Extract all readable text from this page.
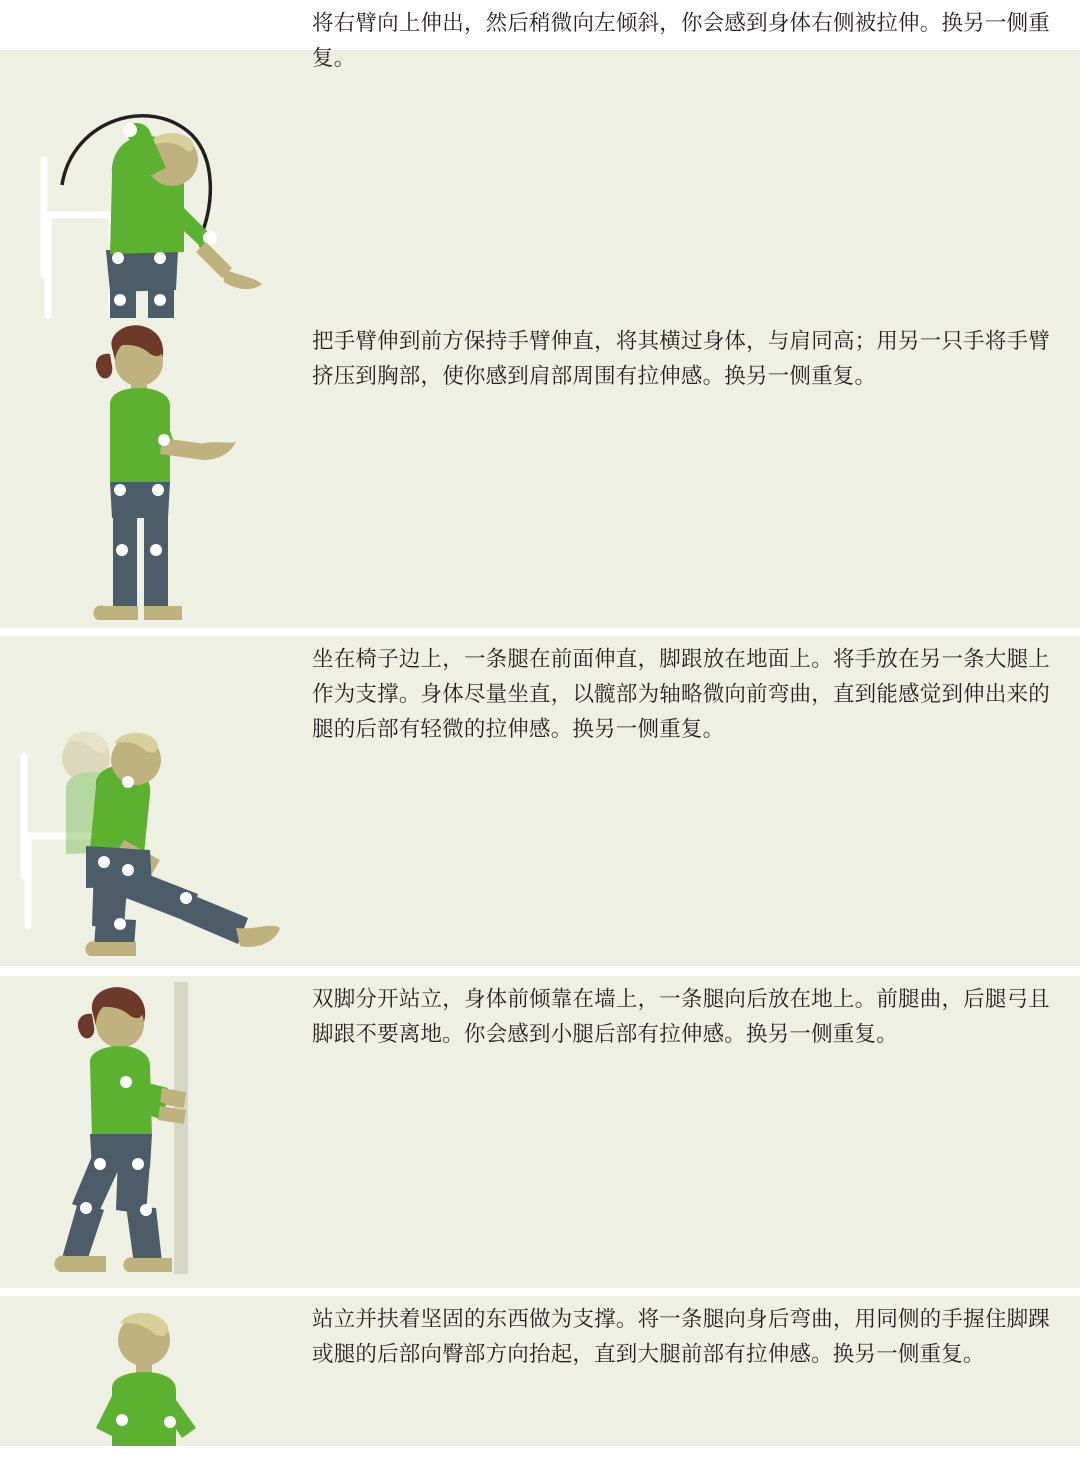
将右臂向上伸出，然后稍微向左倾斜，你会感到身体右侧被拉伸。换另一侧重复。
把手臂伸到前方保持手臂伸直，将其横过身体，与肩同高；用另一只手将手臂挤压到胸部，使你感到肩部周围有拉伸感。换另一侧重复。
坐在椅子边上，一条腿在前面伸直，脚跟放在地面上。将手放在另一条大腿上作为支撑。身体尽量坐直，以髋部为轴略微向前弯曲，直到能感觉到伸出来的腿的后部有轻微的拉伸感。换另一侧重复。
双脚分开站立，身体前倾靠在墙上，一条腿向后放在地上。前腿曲，后腿弓且脚跟不要离地。你会感到小腿后部有拉伸感。换另一侧重复。
站立并扶着坚固的东西做为支撑。将一条腿向身后弯曲，用同侧的手握住脚踝或腿的后部向臀部方向抬起，直到大腿前部有拉伸感。换另一侧重复。
